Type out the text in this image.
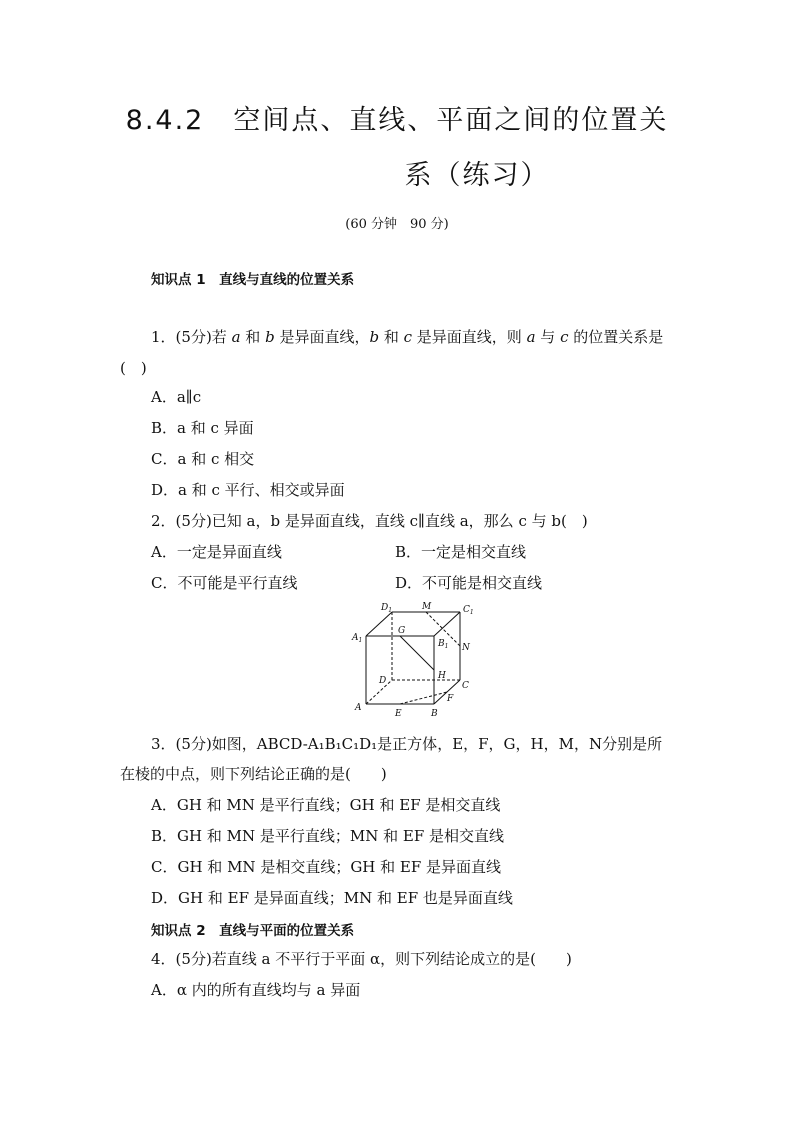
8.4.2　空间点、直线、平面之间的位置关
系（练习）
(60 分钟　90 分)
知识点 1　直线与直线的位置关系
1．(5分)若 a 和 b 是异面直线，b 和 c 是异面直线，则 a 与 c 的位置关系是
(　)
A．a∥c
B．a 和 c 异面
C．a 和 c 相交
D．a 和 c 平行、相交或异面
2．(5分)已知 a，b 是异面直线，直线 c∥直线 a，那么 c 与 b(　)
A．一定是异面直线	B．一定是相交直线
C．不可能是平行直线	D．不可能是相交直线
$D_1$	M	$C_1$
$A_1$
G
$B_1$ N
H
D	C
F
A
E	B
3．(5分)如图，ABCD-A₁B₁C₁D₁是正方体，E，F，G，H，M，N分别是所
在棱的中点，则下列结论正确的是(　　)
A．GH 和 MN 是平行直线；GH 和 EF 是相交直线
B．GH 和 MN 是平行直线；MN 和 EF 是相交直线
C．GH 和 MN 是相交直线；GH 和 EF 是异面直线
D．GH 和 EF 是异面直线；MN 和 EF 也是异面直线
知识点 2　直线与平面的位置关系
4．(5分)若直线 a 不平行于平面 α，则下列结论成立的是(　　)
A．α 内的所有直线均与 a 异面
